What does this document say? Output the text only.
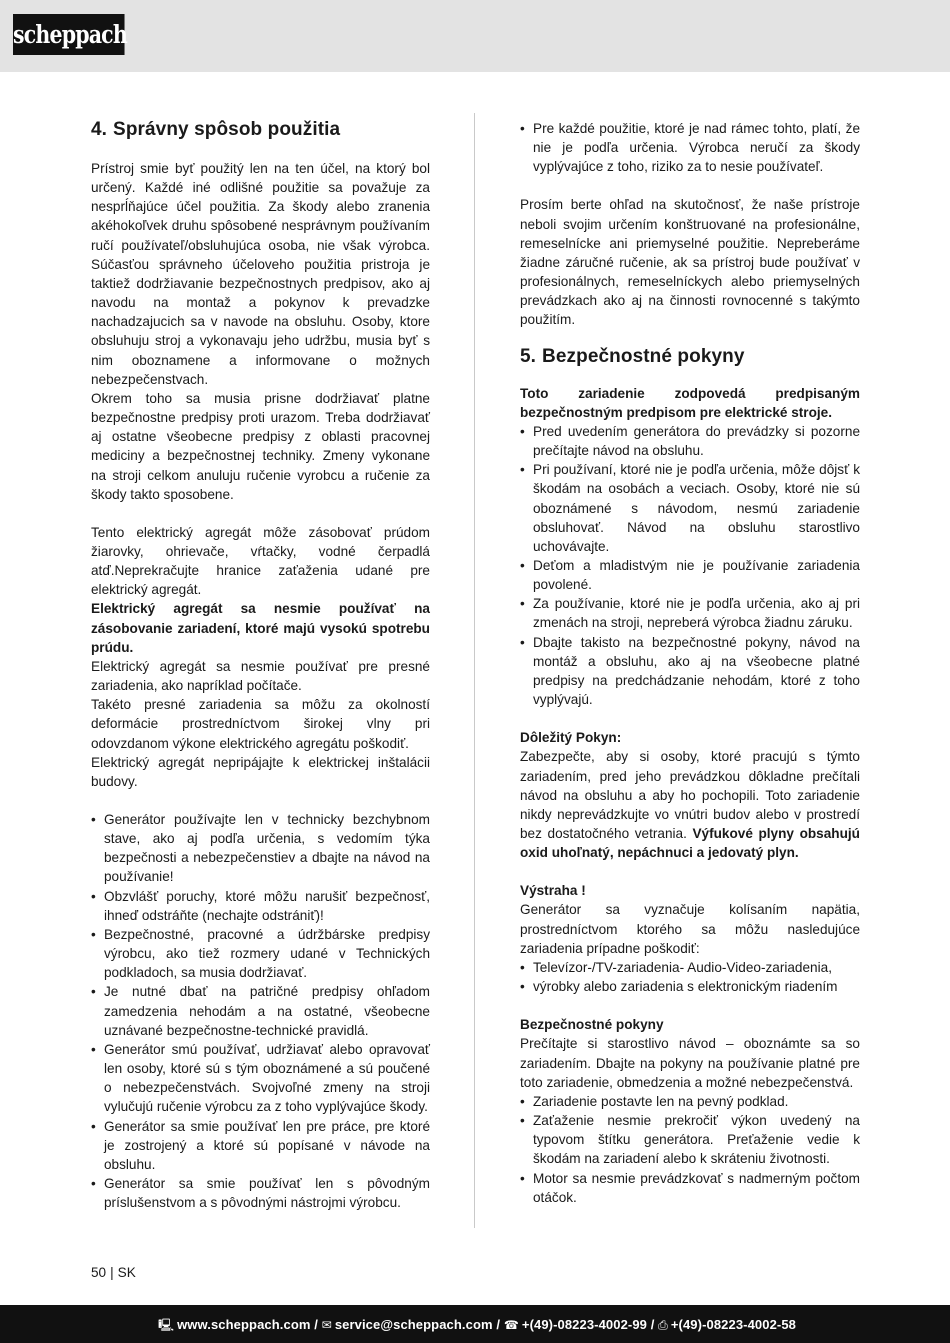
scheppach
4. Správny spôsob použitia

Prístroj smie byť použitý len na ten účel, na ktorý bol určený. Každé iné odlišné použitie sa považuje za nesprĺňajúce účel použitia. Za škody alebo zranenia akéhokoľvek druhu spôsobené nesprávnym používaním ručí používateľ/obsluhujúca osoba, nie však výrobca. Súčasťou správneho účeloveho použitia pristroja je taktiež dodržiavanie bezpečnostnych predpisov, ako aj navodu na montaž a pokynov k prevadzke nachadzajucich sa v navode na obsluhu. Osoby, ktore obsluhuju stroj a vykonavaju jeho udržbu, musia byť s nim oboznamene a informovane o možnych nebezpečenstvach.

Okrem toho sa musia prisne dodržiavať platne bezpečnostne predpisy proti urazom. Treba dodržiavať aj ostatne všeobecne predpisy z oblasti pracovnej mediciny a bezpečnostnej techniky. Zmeny vykonane na stroji celkom anuluju ručenie vyrobcu a ručenie za škody takto sposobene.

Tento elektrický agregát môže zásobovať prúdom žiarovky, ohrievače, vŕtačky, vodné čerpadlá atď.Neprekračujte hranice zaťaženia udané pre elektrický agregát.

Elektrický agregát sa nesmie používať na zásobovanie zariadení, ktoré majú vysokú spotrebu prúdu.

Elektrický agregát sa nesmie používať pre presné zariadenia, ako napríklad počítače.

Takéto presné zariadenia sa môžu za okolností deformácie prostredníctvom širokej vlny pri odovzdanom výkone elektrického agregátu poškodiť.

Elektrický agregát nepripájajte k elektrickej inštalácii budovy.

• Generátor používajte len v technicky bezchybnom stave, ako aj podľa určenia, s vedomím týka bezpečnosti a nebezpečenstiev a dbajte na návod na používanie!
• Obzvlášť poruchy, ktoré môžu narušiť bezpečnosť, ihneď odstráňte (nechajte odstrániť)!
• Bezpečnostné, pracovné a údržbárske predpisy výrobcu, ako tiež rozmery udané v Technických podkladoch, sa musia dodržiavať.
• Je nutné dbať na patričné predpisy ohľadom zamedzenia nehodám a na ostatné, všeobecne uznávané bezpečnostne-technické pravidlá.
• Generátor smú používať, udržiavať alebo opravovať len osoby, ktoré sú s tým oboznámené a sú poučené o nebezpečenstvách. Svojvoľné zmeny na stroji vylučujú ručenie výrobcu za z toho vyplývajúce škody.
• Generátor sa smie používať len pre práce, pre ktoré je zostrojený a ktoré sú popísané v návode na obsluhu.
• Generátor sa smie používať len s pôvodným príslušenstvom a s pôvodnými nástrojmi výrobcu.
• Pre každé použitie, ktoré je nad rámec tohto, platí, že nie je podľa určenia. Výrobca neručí za škody vyplývajúce z toho, riziko za to nesie používateľ.

Prosím berte ohľad na skutočnosť, že naše prístroje neboli svojim určením konštruované na profesionálne, remeselnícke ani priemyselné použitie. Nepreberáme žiadne záručné ručenie, ak sa prístroj bude používať v profesionálnych, remeselníckych alebo priemyselných prevádzkach ako aj na činnosti rovnocenné s takýmto použitím.

5. Bezpečnostné pokyny

Toto zariadenie zodpovedá predpisaným bezpečnostným predpisom pre elektrické stroje.

• Pred uvedením generátora do prevádzky si pozorne prečítajte návod na obsluhu.
• Pri používaní, ktoré nie je podľa určenia, môže dôjsť k škodám na osobách a veciach. Osoby, ktoré nie sú oboznámené s návodom, nesmú zariadenie obsluhovať. Návod na obsluhu starostlivo uchovávajte.
• Deťom a mladistvým nie je používanie zariadenia povolené.
• Za používanie, ktoré nie je podľa určenia, ako aj pri zmenách na stroji, nepreberá výrobca žiadnu záruku.
• Dbajte takisto na bezpečnostné pokyny, návod na montáž a obsluhu, ako aj na všeobecne platné predpisy na predchádzanie nehodám, ktoré z toho vyplývajú.

Dôležitý Pokyn:

Zabezpečte, aby si osoby, ktoré pracujú s týmto zariadením, pred jeho prevádzkou dôkladne prečítali návod na obsluhu a aby ho pochopili. Toto zariadenie nikdy neprevádzkujte vo vnútri budov alebo v prostredí bez dostatočného vetrania. Výfukové plyny obsahujú oxid uhoľnatý, nepáchnuci a jedovatý plyn.

Výstraha !

Generátor sa vyznačuje kolísaním napätia, prostredníctvom ktorého sa môžu nasledujúce zariadenia prípadne poškodiť:

• Televízor-/TV-zariadenia- Audio-Video-zariadenia,
• výrobky alebo zariadenia s elektronickým riadením

Bezpečnostné pokyny

Prečítajte si starostlivo návod – oboznámte sa so zariadením. Dbajte na pokyny na používanie platné pre toto zariadenie, obmedzenia a možné nebezpečenstvá.

• Zariadenie postavte len na pevný podklad.
• Zaťaženie nesmie prekročiť výkon uvedený na typovom štítku generátora. Preťaženie vedie k škodám na zariadení alebo k skráteniu životnosti.
• Motor sa nesmie prevádzkovať s nadmerným počtom otáčok.
50 | SK
🖳 www.scheppach.com / ✉ service@scheppach.com / ☎ +(49)-08223-4002-99 / ⎙ +(49)-08223-4002-58
